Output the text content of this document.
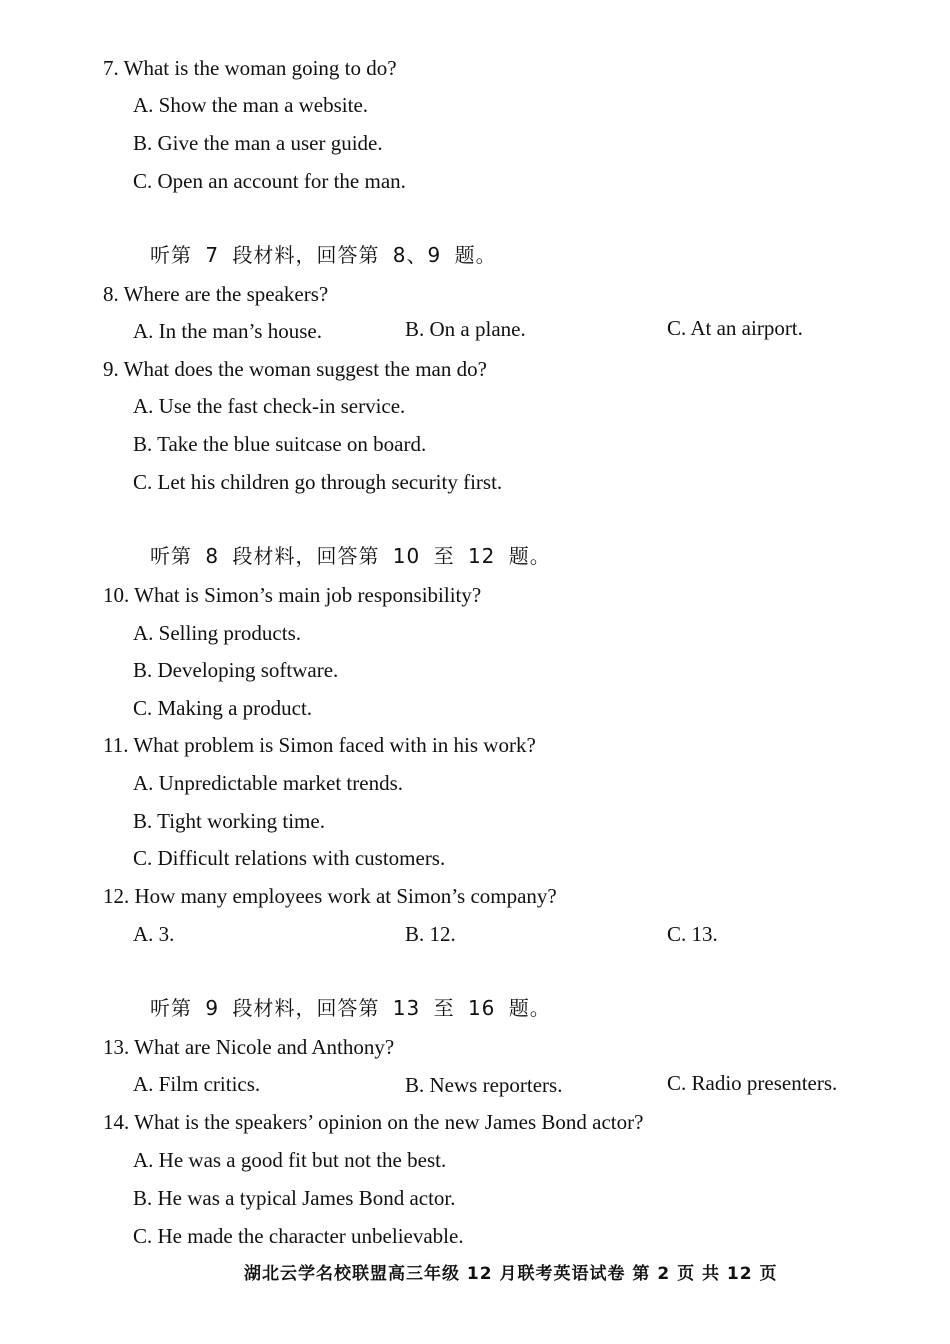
7. What is the woman going to do?
A. Show the man a website.
B. Give the man a user guide.
C. Open an account for the man.
听第 7 段材料，回答第 8、9 题。
8. Where are the speakers?
A. In the man’s house.	B. On a plane.	C. At an airport.
9. What does the woman suggest the man do?
A. Use the fast check-in service.
B. Take the blue suitcase on board.
C. Let his children go through security first.
听第 8 段材料，回答第 10 至 12 题。
10. What is Simon’s main job responsibility?
A. Selling products.
B. Developing software.
C. Making a product.
11. What problem is Simon faced with in his work?
A. Unpredictable market trends.
B. Tight working time.
C. Difficult relations with customers.
12. How many employees work at Simon’s company?
A. 3.	B. 12.	C. 13.
听第 9 段材料，回答第 13 至 16 题。
13. What are Nicole and Anthony?
A. Film critics.	B. News reporters.	C. Radio presenters.
14. What is the speakers’ opinion on the new James Bond actor?
A. He was a good fit but not the best.
B. He was a typical James Bond actor.
C. He made the character unbelievable.
湖北云学名校联盟高三年级 12 月联考英语试卷 第 2 页 共 12 页
